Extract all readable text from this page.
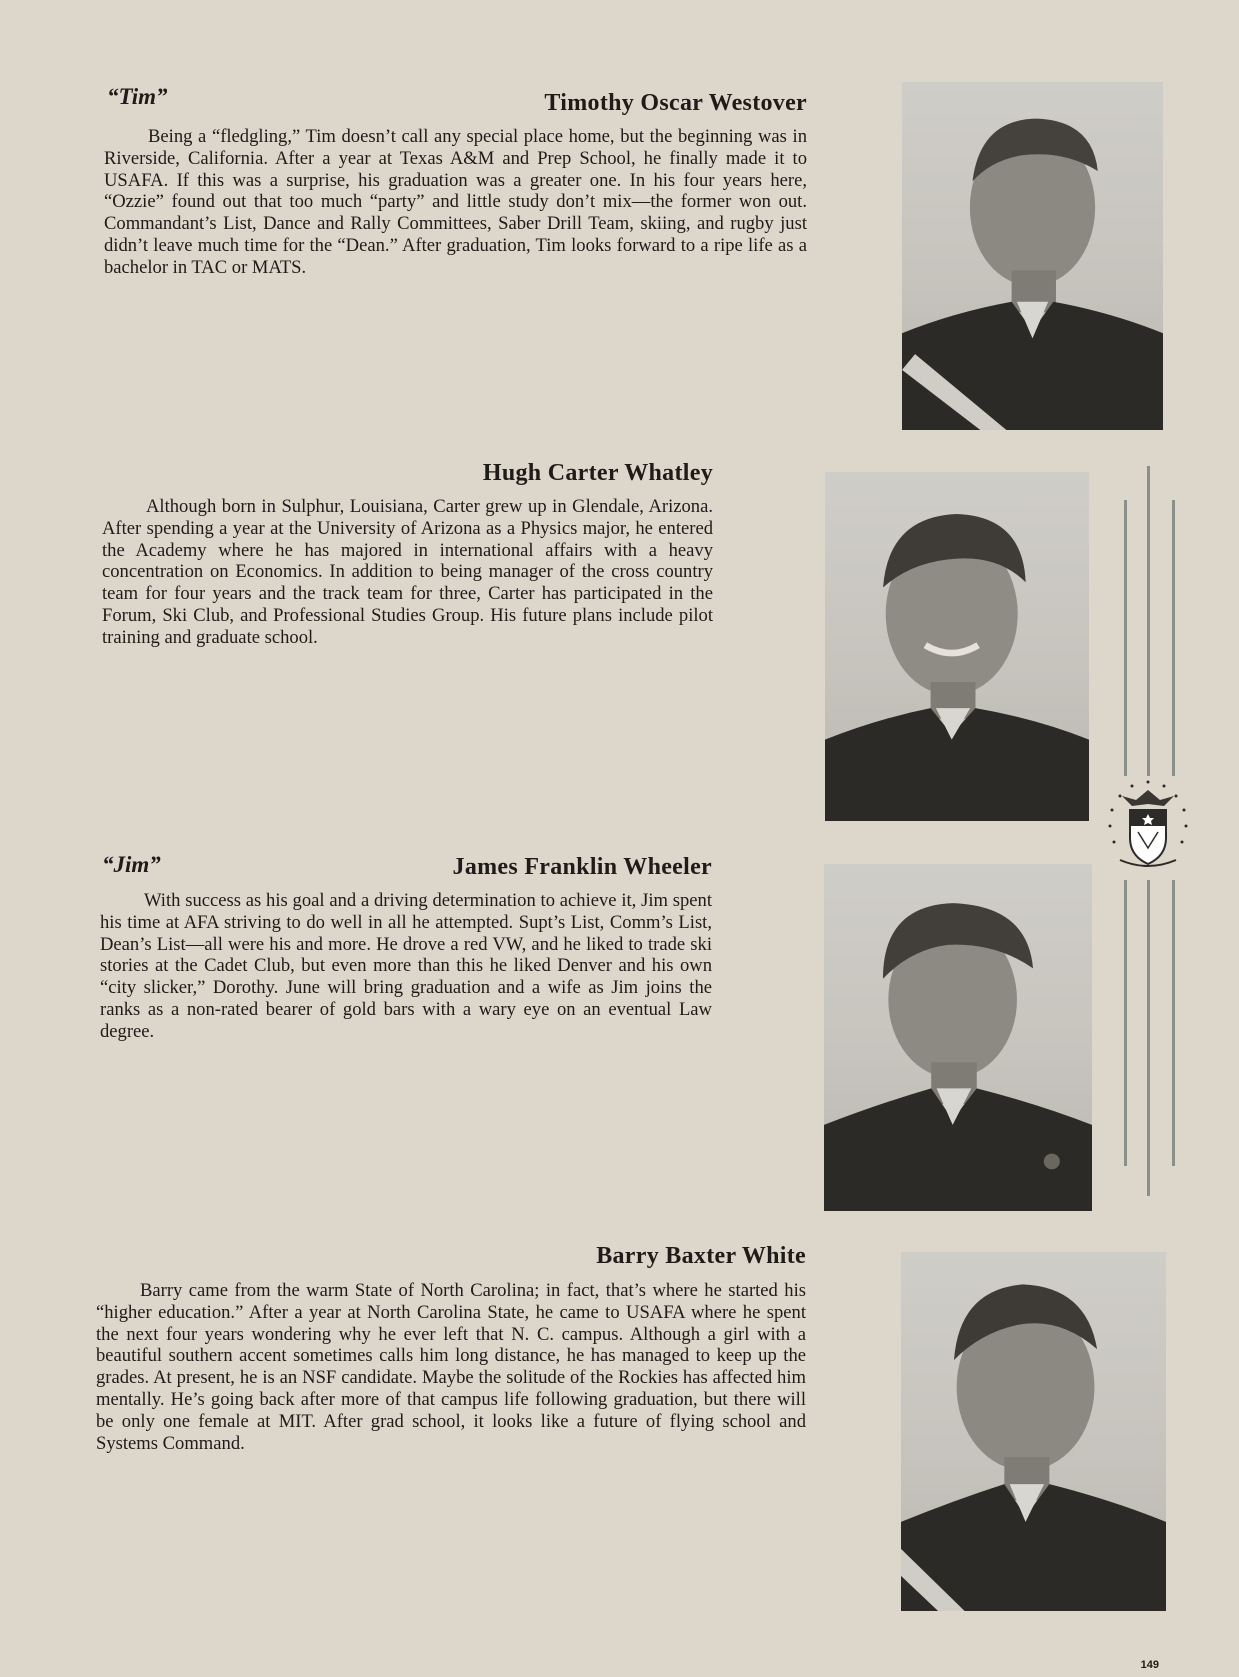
“Tim”	Timothy Oscar Westover

Being a “fledgling,” Tim doesn’t call any special place home, but the beginning was in Riverside, California. After a year at Texas A&M and Prep School, he finally made it to USAFA. If this was a surprise, his graduation was a greater one. In his four years here, “Ozzie” found out that too much “party” and little study don’t mix—the former won out. Commandant’s List, Dance and Rally Committees, Saber Drill Team, skiing, and rugby just didn’t leave much time for the “Dean.” After graduation, Tim looks forward to a ripe life as a bachelor in TAC or MATS.

Hugh Carter Whatley

Although born in Sulphur, Louisiana, Carter grew up in Glendale, Arizona. After spending a year at the University of Arizona as a Physics major, he entered the Academy where he has majored in international affairs with a heavy concentration on Economics. In addition to being manager of the cross country team for four years and the track team for three, Carter has participated in the Forum, Ski Club, and Professional Studies Group. His future plans include pilot training and graduate school.

“Jim”	James Franklin Wheeler

With success as his goal and a driving determination to achieve it, Jim spent his time at AFA striving to do well in all he attempted. Supt’s List, Comm’s List, Dean’s List—all were his and more. He drove a red VW, and he liked to trade ski stories at the Cadet Club, but even more than this he liked Denver and his own “city slicker,” Dorothy. June will bring graduation and a wife as Jim joins the ranks as a non-rated bearer of gold bars with a wary eye on an eventual Law degree.

Barry Baxter White

Barry came from the warm State of North Carolina; in fact, that’s where he started his “higher education.” After a year at North Carolina State, he came to USAFA where he spent the next four years wondering why he ever left that N. C. campus. Although a girl with a beautiful southern accent sometimes calls him long distance, he has managed to keep up the grades. At present, he is an NSF candidate. Maybe the solitude of the Rockies has affected him mentally. He’s going back after more of that campus life following graduation, but there will be only one female at MIT. After grad school, it looks like a future of flying school and Systems Command.

149
